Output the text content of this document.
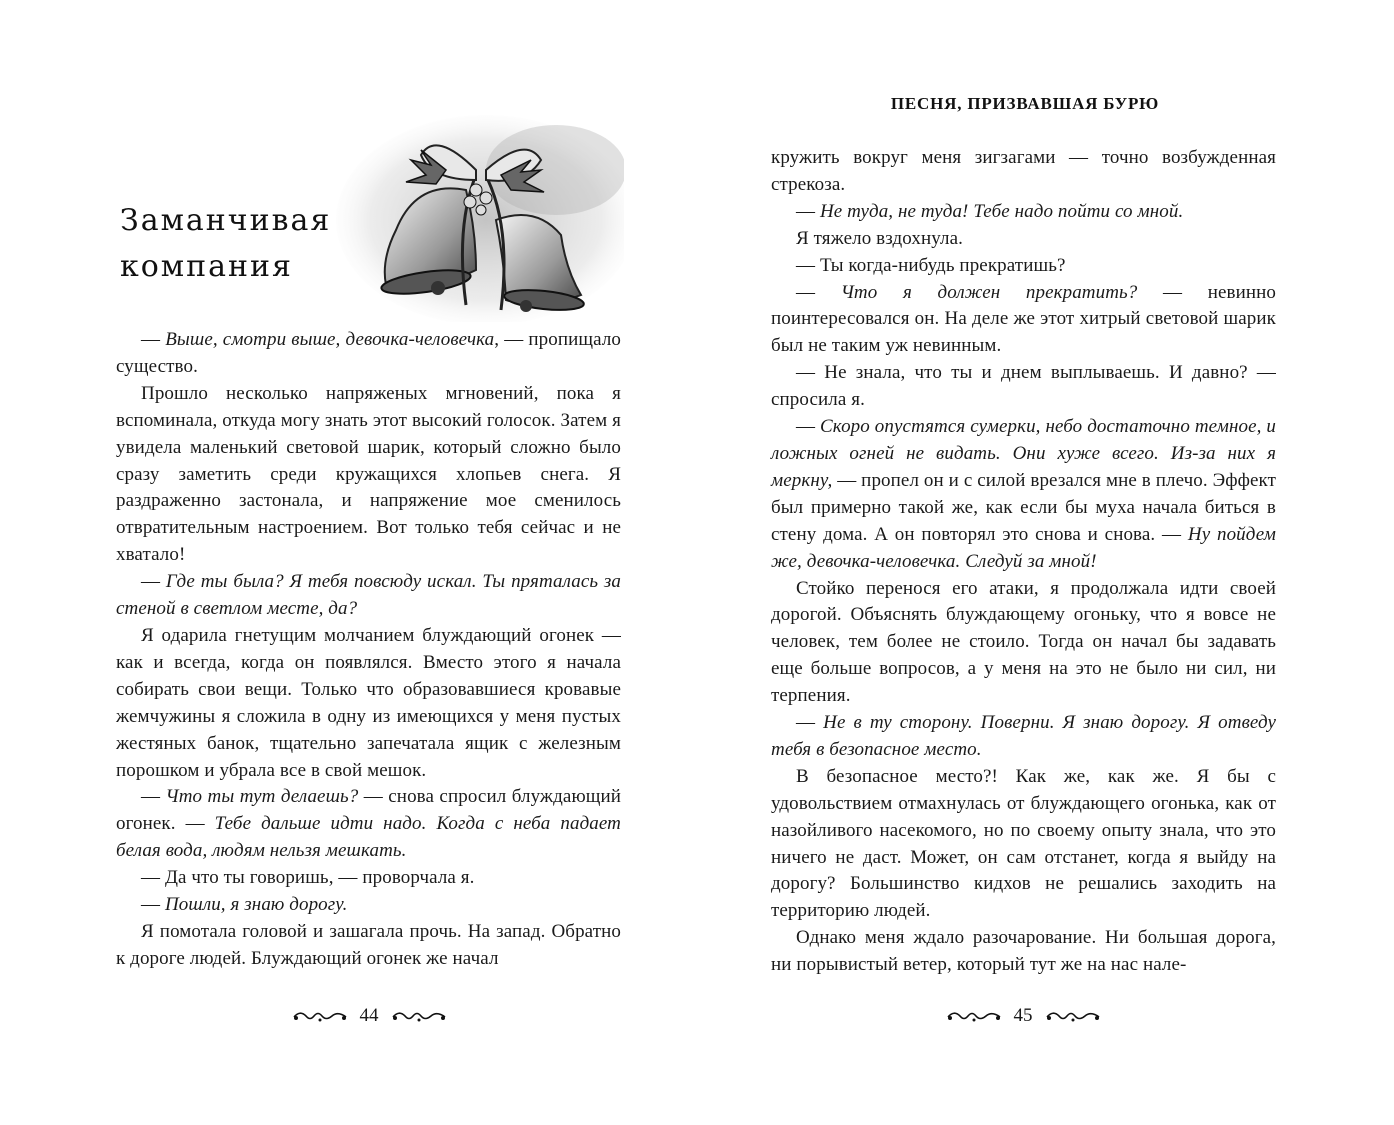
Заманчивая
компания

— Выше, смотри выше, девочка-человечка, — пропищало существо.

Прошло несколько напряженых мгновений, пока я вспоминала, откуда могу знать этот высокий голосок. Затем я увидела маленький световой шарик, который сложно было сразу заметить среди кружащихся хлопьев снега. Я раздраженно застонала, и напряжение мое сменилось отвратительным настроением. Вот только тебя сейчас и не хватало!

— Где ты была? Я тебя повсюду искал. Ты пряталась за стеной в светлом месте, да?

Я одарила гнетущим молчанием блуждающий огонек — как и всегда, когда он появлялся. Вместо этого я начала собирать свои вещи. Только что образовавшиеся кровавые жемчужины я сложила в одну из имеющихся у меня пустых жестяных банок, тщательно запечатала ящик с железным порошком и убрала все в свой мешок.

— Что ты тут делаешь? — снова спросил блуждающий огонек. — Тебе дальше идти надо. Когда с неба падает белая вода, людям нельзя мешкать.

— Да что ты говоришь, — проворчала я.

— Пошли, я знаю дорогу.

Я помотала головой и зашагала прочь. На запад. Обратно к дороге людей. Блуждающий огонек же начал

44
ПЕСНЯ, ПРИЗВАВШАЯ БУРЮ

кружить вокруг меня зигзагами — точно возбужденная стрекоза.

— Не туда, не туда! Тебе надо пойти со мной.

Я тяжело вздохнула.

— Ты когда-нибудь прекратишь?

— Что я должен прекратить? — невинно поинтересовался он. На деле же этот хитрый световой шарик был не таким уж невинным.

— Не знала, что ты и днем выплываешь. И давно? — спросила я.

— Скоро опустятся сумерки, небо достаточно темное, и ложных огней не видать. Они хуже всего. Из-за них я меркну, — пропел он и с силой врезался мне в плечо. Эффект был примерно такой же, как если бы муха начала биться в стену дома. А он повторял это снова и снова. — Ну пойдем же, девочка-человечка. Следуй за мной!

Стойко перенося его атаки, я продолжала идти своей дорогой. Объяснять блуждающему огоньку, что я вовсе не человек, тем более не стоило. Тогда он начал бы задавать еще больше вопросов, а у меня на это не было ни сил, ни терпения.

— Не в ту сторону. Поверни. Я знаю дорогу. Я отведу тебя в безопасное место.

В безопасное место?! Как же, как же. Я бы с удовольствием отмахнулась от блуждающего огонька, как от назойливого насекомого, но по своему опыту знала, что это ничего не даст. Может, он сам отстанет, когда я выйду на дорогу? Большинство кидхов не решались заходить на территорию людей.

Однако меня ждало разочарование. Ни большая дорога, ни порывистый ветер, который тут же на нас нале-

45
